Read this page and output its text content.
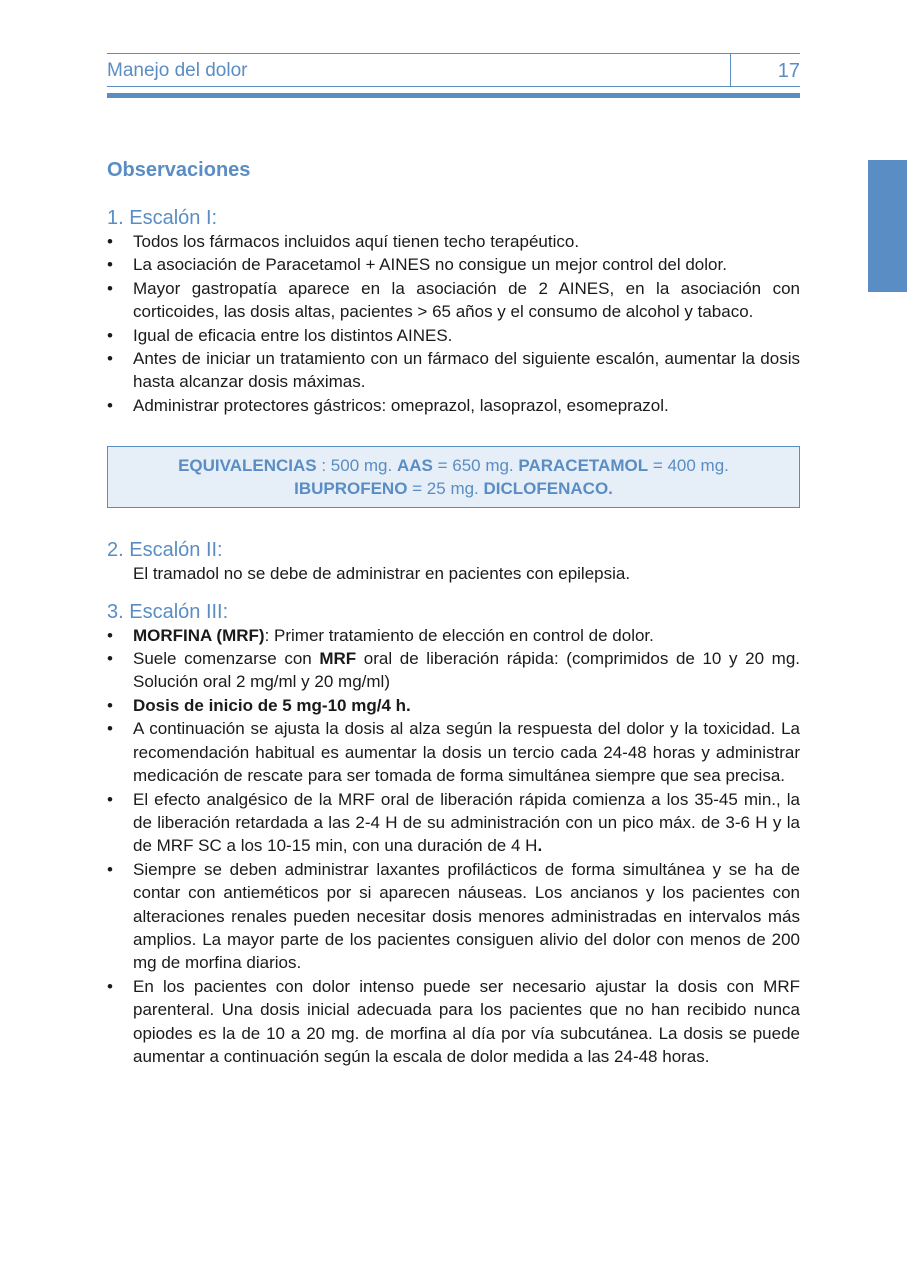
Manejo del dolor	17
Observaciones
1. Escalón I:
• Todos los fármacos incluidos aquí tienen techo terapéutico.
• La asociación de Paracetamol + AINES no consigue un mejor control del dolor.
• Mayor gastropatía aparece en la asociación de 2 AINES, en la asociación con corticoides, las dosis altas, pacientes > 65 años y el consumo de alcohol y tabaco.
• Igual de eficacia entre los distintos AINES.
• Antes de iniciar un tratamiento con un fármaco del siguiente escalón, aumentar la dosis hasta alcanzar dosis máximas.
• Administrar protectores gástricos: omeprazol, lasoprazol, esomeprazol.
EQUIVALENCIAS : 500 mg. AAS = 650 mg. PARACETAMOL = 400 mg.
IBUPROFENO = 25 mg. DICLOFENACO.
2. Escalón II:
El tramadol no se debe de administrar en pacientes con epilepsia.
3. Escalón III:
• MORFINA (MRF): Primer tratamiento de elección en control de dolor.
• Suele comenzarse con MRF oral de liberación rápida: (comprimidos de 10 y 20 mg. Solución oral 2 mg/ml y 20 mg/ml)
• Dosis de inicio de 5 mg-10 mg/4 h.
• A continuación se ajusta la dosis al alza según la respuesta del dolor y la toxicidad. La recomendación habitual es aumentar la dosis un tercio cada 24-48 horas y administrar medicación de rescate para ser tomada de forma simultánea siempre que sea precisa.
• El efecto analgésico de la MRF oral de liberación rápida comienza a los 35-45 min., la de liberación retardada a las 2-4 H de su administración con un pico máx. de 3-6 H y la de MRF SC a los 10-15 min, con una duración de 4 H.
• Siempre se deben administrar laxantes profilácticos de forma simultánea y se ha de contar con antieméticos por si aparecen náuseas. Los ancianos y los pacientes con alteraciones renales pueden necesitar dosis menores administradas en intervalos más amplios. La mayor parte de los pacientes consiguen alivio del dolor con menos de 200 mg de morfina diarios.
• En los pacientes con dolor intenso puede ser necesario ajustar la dosis con MRF parenteral. Una dosis inicial adecuada para los pacientes que no han recibido nunca opiodes es la de 10 a 20 mg. de morfina al día por vía subcutánea. La dosis se puede aumentar a continuación según la escala de dolor medida a las 24-48 horas.
